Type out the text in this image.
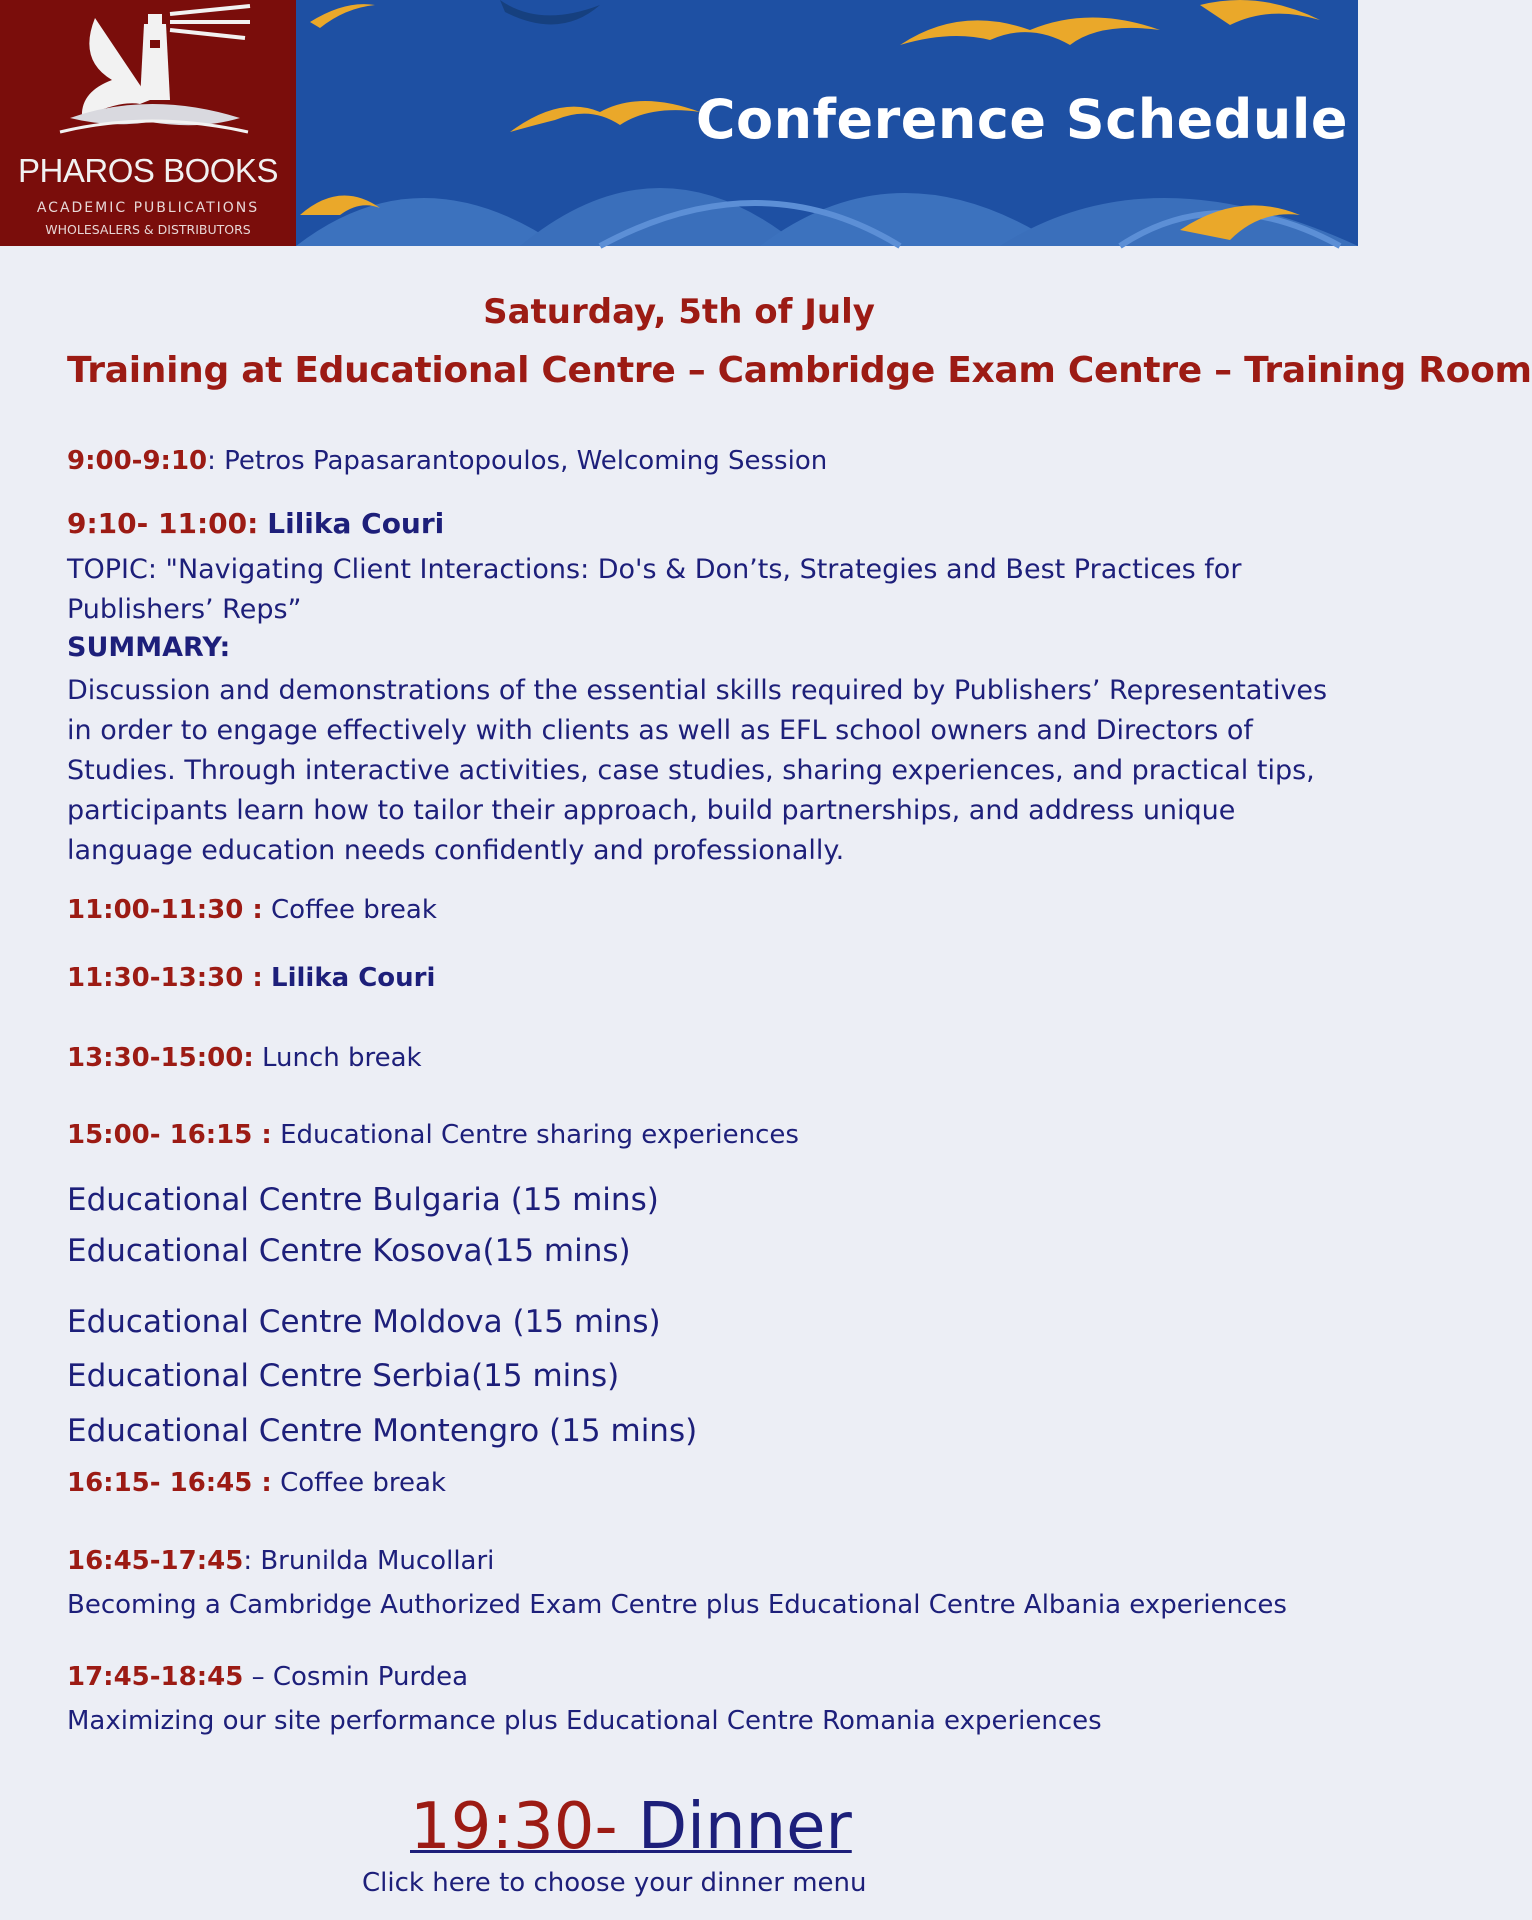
PHAROS BOOKS
ACADEMIC PUBLICATIONS
WHOLESALERS & DISTRIBUTORS
Conference Schedule
Saturday, 5th of July
Training at Educational Centre – Cambridge Exam Centre – Training Room
9:00-9:10: Petros Papasarantopoulos, Welcoming Session
9:10- 11:00: Lilika Couri
TOPIC: "Navigating Client Interactions: Do's & Don’ts, Strategies and Best Practices for Publishers’ Reps”
SUMMARY:
Discussion and demonstrations of the essential skills required by Publishers’ Representatives in order to engage effectively with clients as well as EFL school owners and Directors of Studies. Through interactive activities, case studies, sharing experiences, and practical tips, participants learn how to tailor their approach, build partnerships, and address unique language education needs confidently and professionally.
11:00-11:30 : Coffee break
11:30-13:30 : Lilika Couri
13:30-15:00: Lunch break
15:00- 16:15 : Educational Centre sharing experiences
Educational Centre Bulgaria (15 mins)
Educational Centre Kosova(15 mins)
Educational Centre Moldova (15 mins)
Educational Centre Serbia(15 mins)
Educational Centre Montengro (15 mins)
16:15- 16:45 : Coffee break
16:45-17:45: Brunilda Mucollari
Becoming a Cambridge Authorized Exam Centre plus Educational Centre Albania experiences
17:45-18:45 – Cosmin Purdea
Maximizing our site performance plus Educational Centre Romania experiences
19:30- Dinner
Click here to choose your dinner menu
